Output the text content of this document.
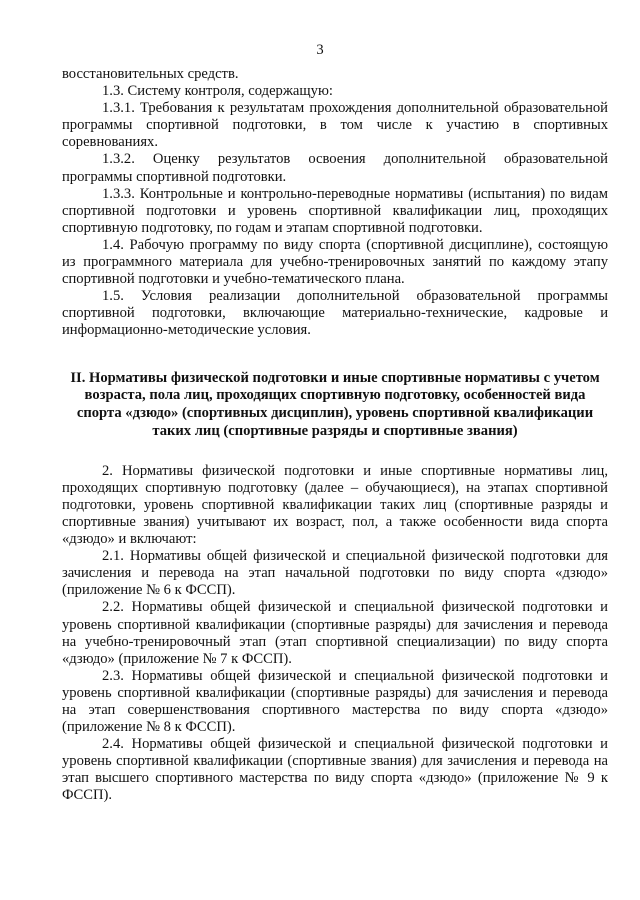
3

восстановительных средств.

1.3. Систему контроля, содержащую:

1.3.1. Требования к результатам прохождения дополнительной образовательной программы спортивной подготовки, в том числе к участию в спортивных соревнованиях.

1.3.2. Оценку результатов освоения дополнительной образовательной программы спортивной подготовки.

1.3.3. Контрольные и контрольно-переводные нормативы (испытания) по видам спортивной подготовки и уровень спортивной квалификации лиц, проходящих спортивную подготовку, по годам и этапам спортивной подготовки.

1.4. Рабочую программу по виду спорта (спортивной дисциплине), состоящую из программного материала для учебно-тренировочных занятий по каждому этапу спортивной подготовки и учебно-тематического плана.

1.5. Условия реализации дополнительной образовательной программы спортивной подготовки, включающие материально-технические, кадровые и информационно-методические условия.

II. Нормативы физической подготовки и иные спортивные нормативы с учетом возраста, пола лиц, проходящих спортивную подготовку, особенностей вида спорта «дзюдо» (спортивных дисциплин), уровень спортивной квалификации таких лиц (спортивные разряды и спортивные звания)

2. Нормативы физической подготовки и иные спортивные нормативы лиц, проходящих спортивную подготовку (далее – обучающиеся), на этапах спортивной подготовки, уровень спортивной квалификации таких лиц (спортивные разряды и спортивные звания) учитывают их возраст, пол, а также особенности вида спорта «дзюдо» и включают:

2.1. Нормативы общей физической и специальной физической подготовки для зачисления и перевода на этап начальной подготовки по виду спорта «дзюдо» (приложение № 6 к ФССП).

2.2. Нормативы общей физической и специальной физической подготовки и уровень спортивной квалификации (спортивные разряды) для зачисления и перевода на учебно-тренировочный этап (этап спортивной специализации) по виду спорта «дзюдо» (приложение № 7 к ФССП).

2.3. Нормативы общей физической и специальной физической подготовки и уровень спортивной квалификации (спортивные разряды) для зачисления и перевода на этап совершенствования спортивного мастерства по виду спорта «дзюдо» (приложение № 8 к ФССП).

2.4. Нормативы общей физической и специальной физической подготовки и уровень спортивной квалификации (спортивные звания) для зачисления и перевода на этап высшего спортивного мастерства по виду спорта «дзюдо» (приложение № 9 к ФССП).
